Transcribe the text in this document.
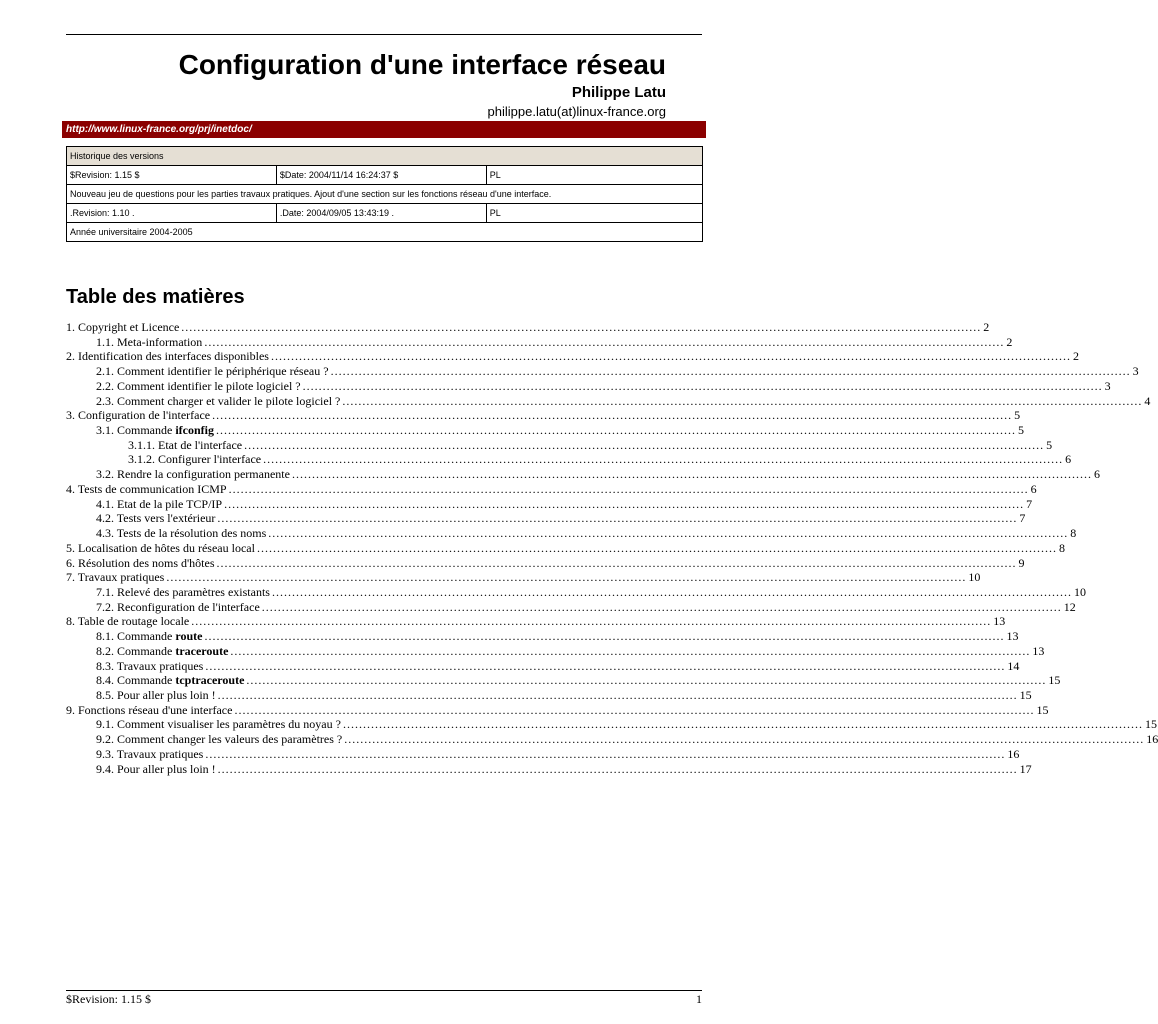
Configuration d'une interface réseau
Philippe Latu
philippe.latu(at)linux-france.org
http://www.linux-france.org/prj/inetdoc/
Historique des versions		
$Revision: 1.15 $	$Date: 2004/11/14 16:24:37 $	PL
Nouveau jeu de questions pour les parties travaux pratiques. Ajout d'une section sur les fonctions réseau d'une interface.		
.Revision: 1.10 .	.Date: 2004/09/05 13:43:19 .	PL
Année universitaire 2004-2005		
Table des matières
1. Copyright et Licence ........................................................................................................................................................................................................ 2
1.1. Meta-information ........................................................................................................................................................................................................ 2
2. Identification des interfaces disponibles ........................................................................................................................................................................................................ 2
2.1. Comment identifier le périphérique réseau ? ........................................................................................................................................................................................................ 3
2.2. Comment identifier le pilote logiciel ? ........................................................................................................................................................................................................ 3
2.3. Comment charger et valider le pilote logiciel ? ........................................................................................................................................................................................................ 4
3. Configuration de l'interface ........................................................................................................................................................................................................ 5
3.1. Commande ifconfig ........................................................................................................................................................................................................ 5
3.1.1. Etat de l'interface ........................................................................................................................................................................................................ 5
3.1.2. Configurer l'interface ........................................................................................................................................................................................................ 6
3.2. Rendre la configuration permanente ........................................................................................................................................................................................................ 6
4. Tests de communication ICMP ........................................................................................................................................................................................................ 6
4.1. Etat de la pile TCP/IP ........................................................................................................................................................................................................ 7
4.2. Tests vers l'extérieur ........................................................................................................................................................................................................ 7
4.3. Tests de la résolution des noms ........................................................................................................................................................................................................ 8
5. Localisation de hôtes du réseau local ........................................................................................................................................................................................................ 8
6. Résolution des noms d'hôtes ........................................................................................................................................................................................................ 9
7. Travaux pratiques ........................................................................................................................................................................................................ 10
7.1. Relevé des paramètres existants ........................................................................................................................................................................................................ 10
7.2. Reconfiguration de l'interface ........................................................................................................................................................................................................ 12
8. Table de routage locale ........................................................................................................................................................................................................ 13
8.1. Commande route ........................................................................................................................................................................................................ 13
8.2. Commande traceroute ........................................................................................................................................................................................................ 13
8.3. Travaux pratiques ........................................................................................................................................................................................................ 14
8.4. Commande tcptraceroute ........................................................................................................................................................................................................ 15
8.5. Pour aller plus loin ! ........................................................................................................................................................................................................ 15
9. Fonctions réseau d'une interface ........................................................................................................................................................................................................ 15
9.1. Comment visualiser les paramètres du noyau ? ........................................................................................................................................................................................................ 15
9.2. Comment changer les valeurs des paramètres ? ........................................................................................................................................................................................................ 16
9.3. Travaux pratiques ........................................................................................................................................................................................................ 16
9.4. Pour aller plus loin ! ........................................................................................................................................................................................................ 17
$Revision: 1.15 $	1
